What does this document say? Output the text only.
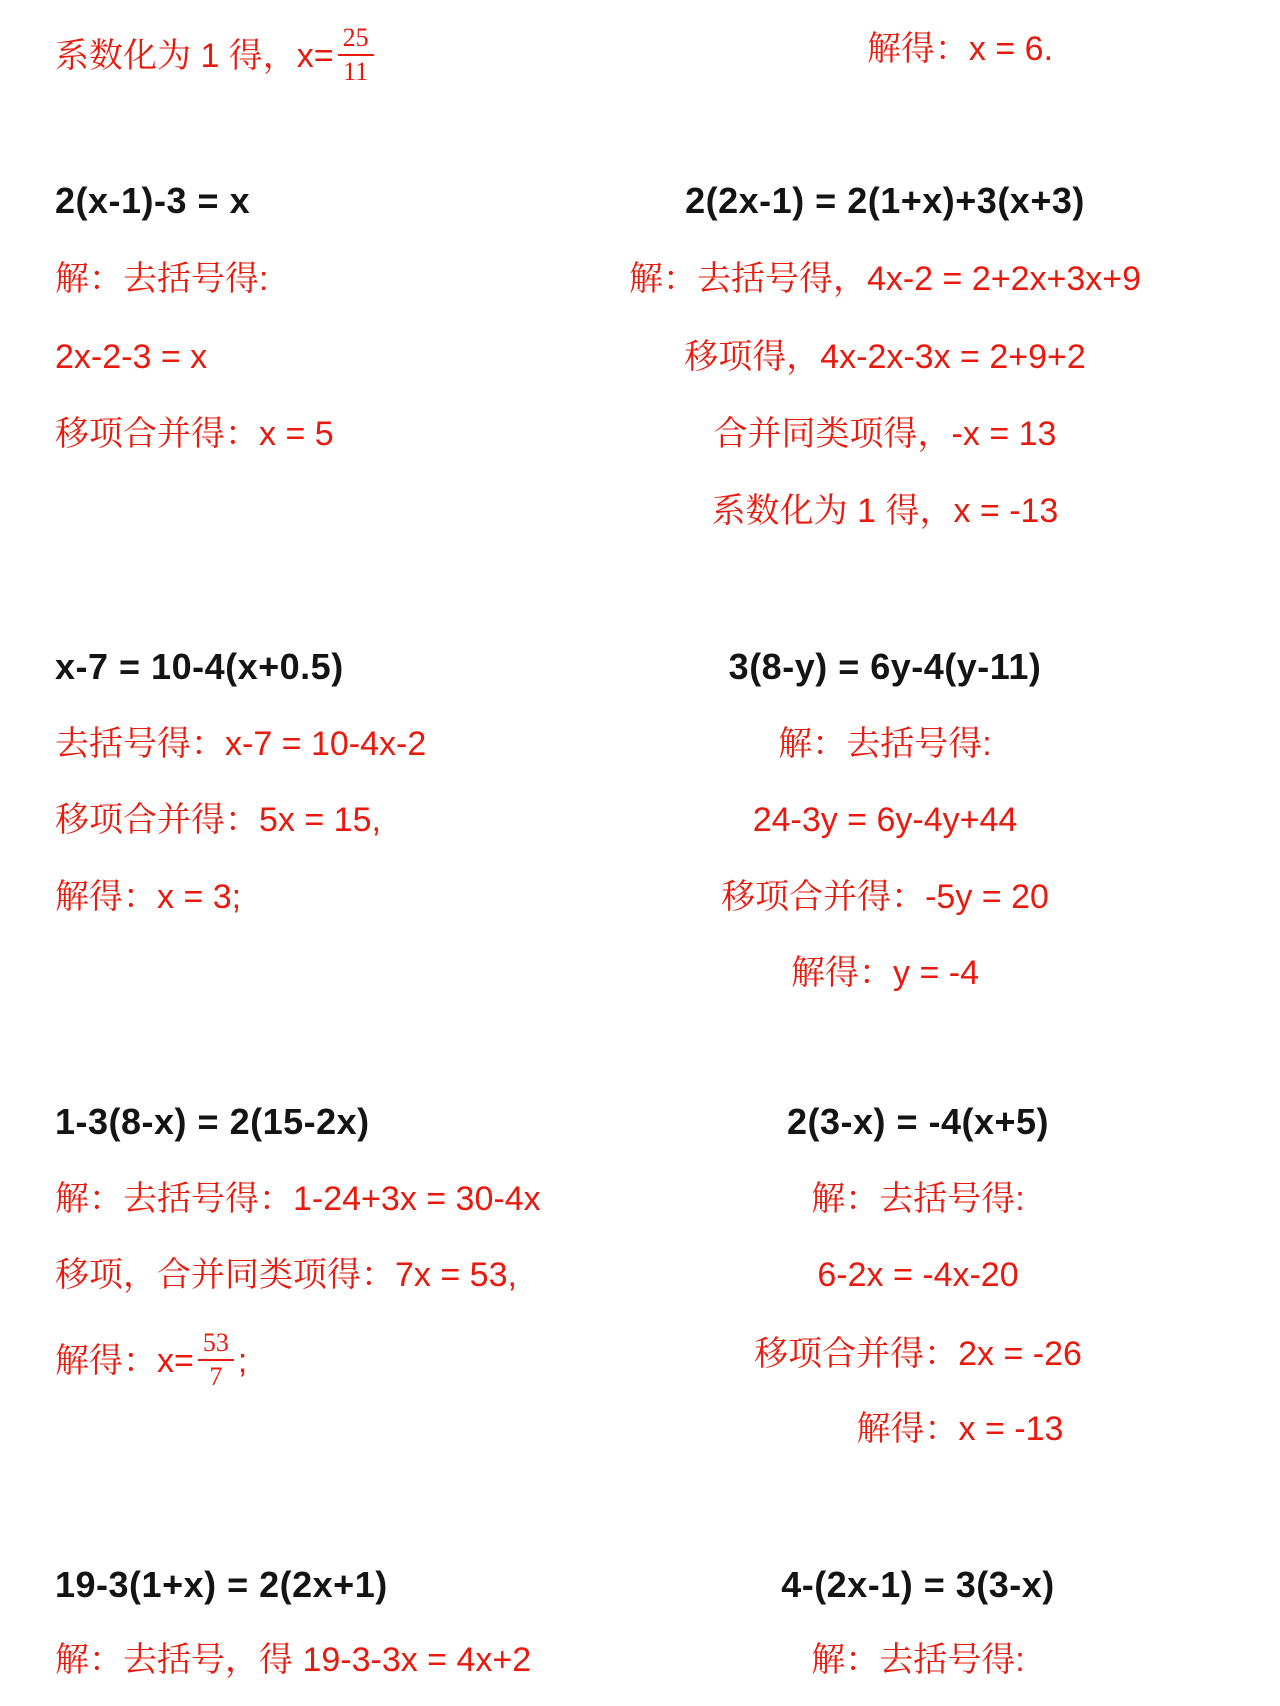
系数化为 1 得，$x= \frac{25}{11}$	解得：x = 6.
2(x-1)-3 = x	2(2x-1) = 2(1+x)+3(x+3)
解：去括号得:	解：去括号得，4x-2 = 2+2x+3x+9
2x-2-3 = x	移项得，4x-2x-3x = 2+9+2
移项合并得：x = 5	合并同类项得，-x = 13
系数化为 1 得，x = -13
x-7 = 10-4(x+0.5)	3(8-y) = 6y-4(y-11)
去括号得：x-7 = 10-4x-2	解：去括号得:
移项合并得：5x = 15,	24-3y = 6y-4y+44
解得：x = 3;	移项合并得：-5y = 20
解得：y = -4
1-3(8-x) = 2(15-2x)	2(3-x) = -4(x+5)
解：去括号得：1-24+3x = 30-4x	解：去括号得:
移项，合并同类项得：7x = 53,	6-2x = -4x-20
解得：$x= \frac{53}{7}$ ;	移项合并得：2x = -26
解得：x = -13
19-3(1+x) = 2(2x+1)	4-(2x-1) = 3(3-x)
解：去括号，得 19-3-3x = 4x+2	解：去括号得:
